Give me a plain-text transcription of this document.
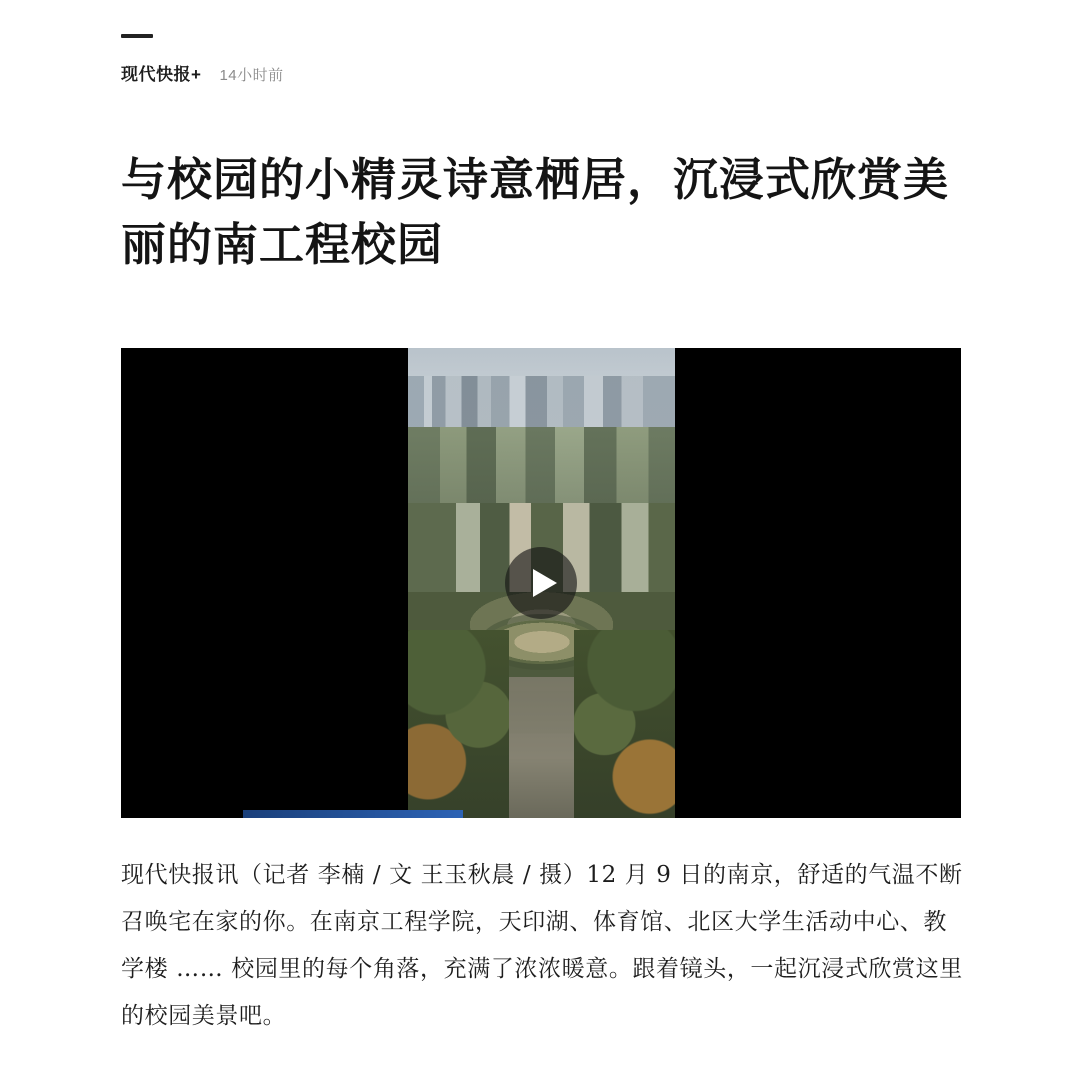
现代快报+ 14小时前
与校园的小精灵诗意栖居，沉浸式欣赏美丽的南工程校园

现代快报讯（记者 李楠 / 文 王玉秋晨 / 摄）12 月 9 日的南京，舒适的气温不断召唤宅在家的你。在南京工程学院，天印湖、体育馆、北区大学生活动中心、教学楼 …… 校园里的每个角落，充满了浓浓暖意。跟着镜头，一起沉浸式欣赏这里的校园美景吧。
